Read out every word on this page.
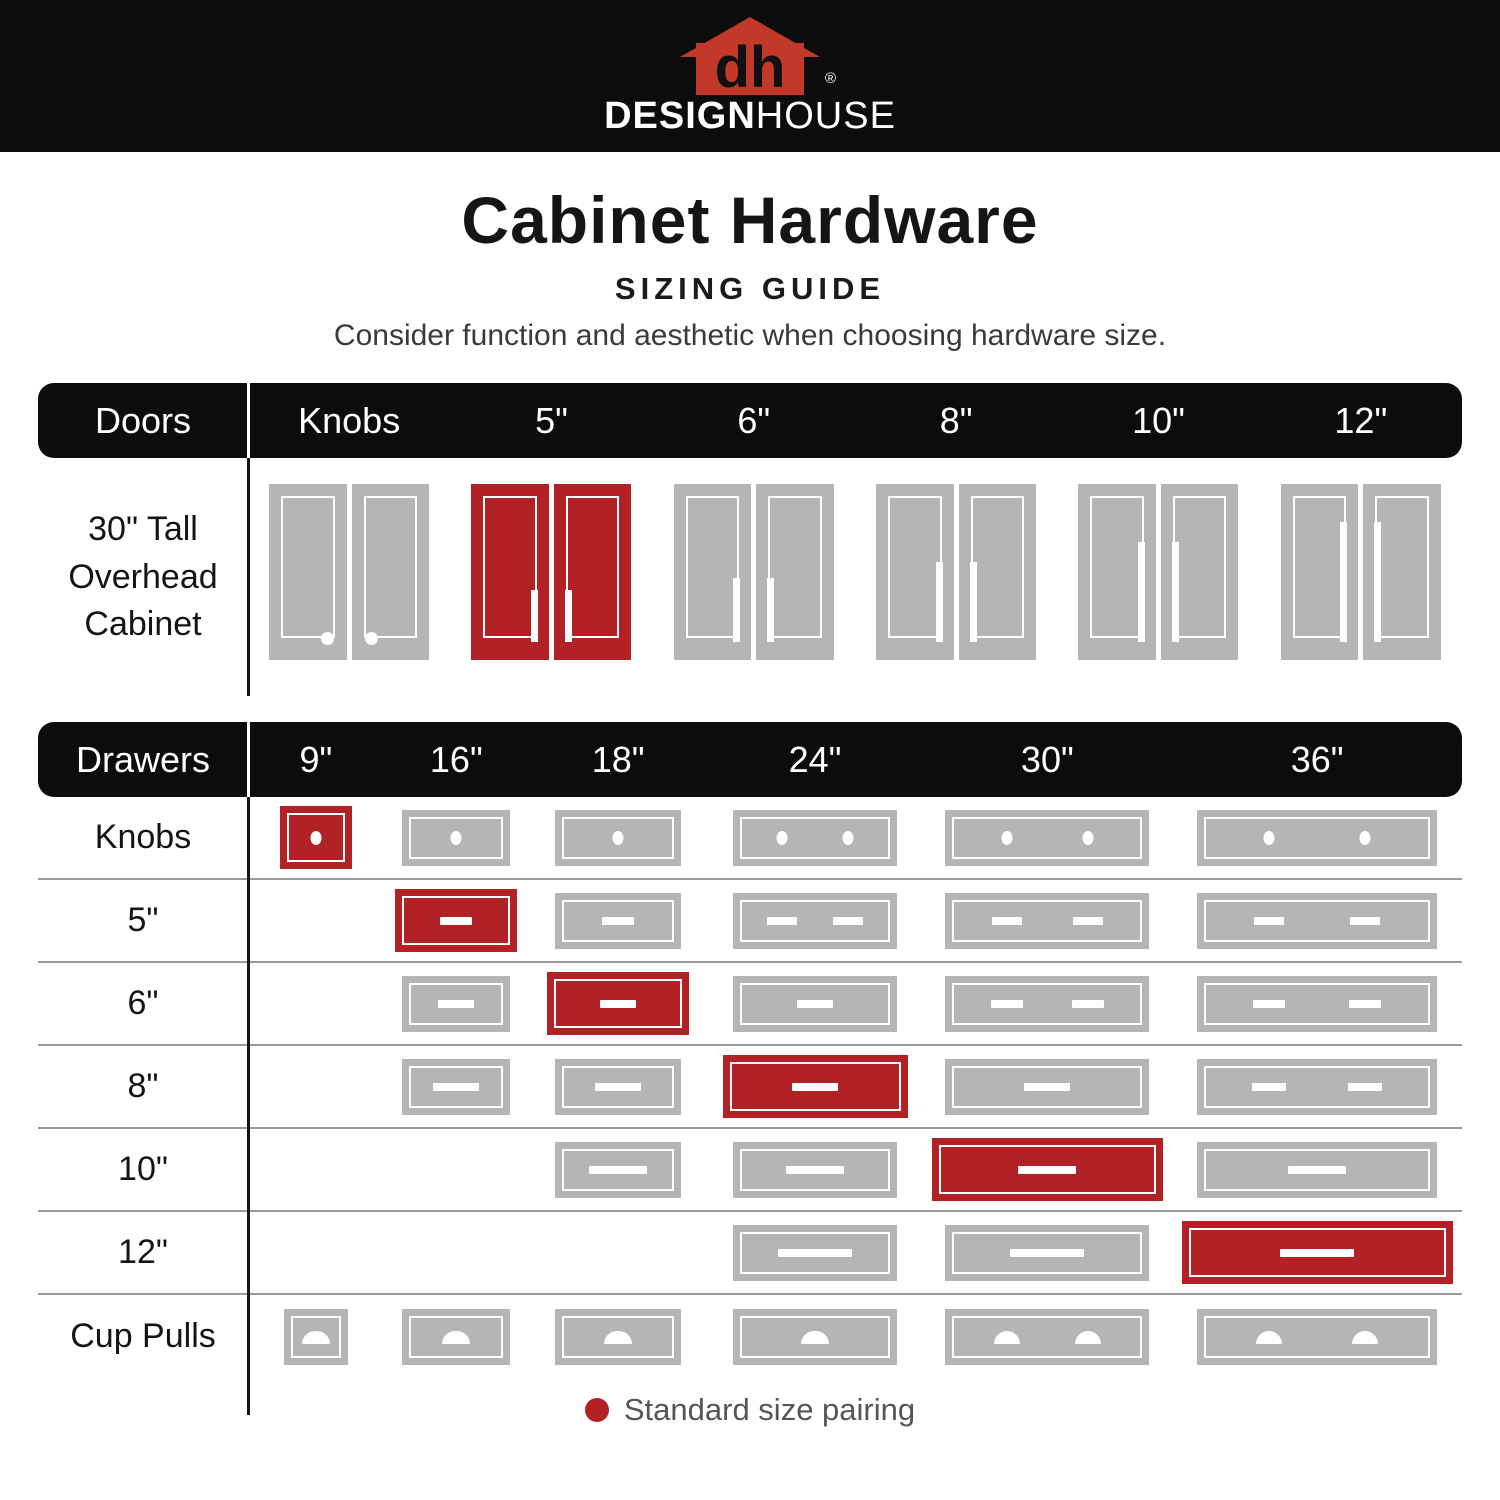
dh	®
DESIGNHOUSE
Cabinet Hardware
SIZING GUIDE
Consider function and aesthetic when choosing hardware size.
Doors	Knobs	5"	6"	8"	10"	12"
30" Tall
Overhead
Cabinet
Drawers	9"	16"	18"	24"	30"	36"
Knobs
5"
6"
8"
10"
12"
Cup Pulls
Standard size pairing
